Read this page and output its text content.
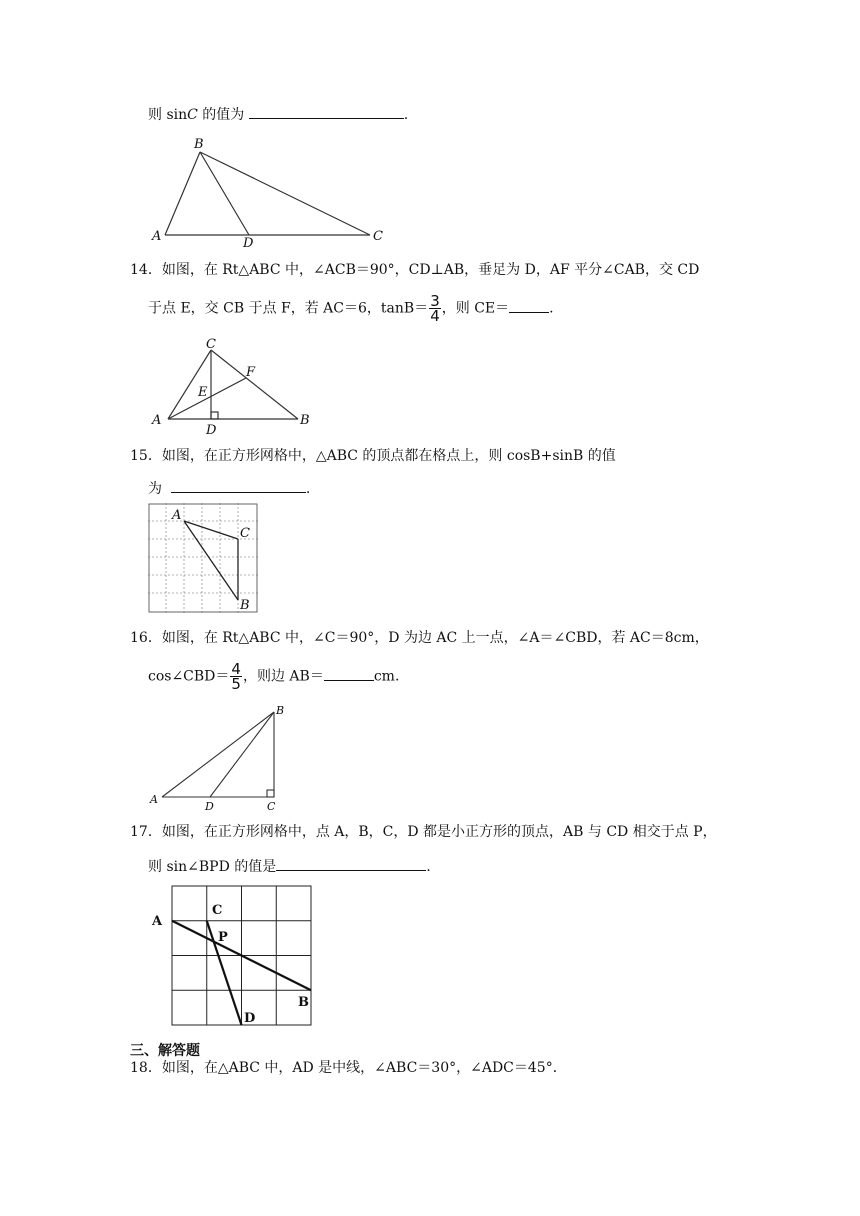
则 sinC 的值为	.
B
A	D	C
14．如图，在 Rt△ABC 中，∠ACB＝90°，CD⊥AB，垂足为 D，AF 平分∠CAB，交 CD
于点 E，交 CB 于点 F，若 AC＝6，$\tan B= \frac{3}{4}$ ，则 CE＝	.
C
F
E
A	B
D
15．如图，在正方形网格中，△ABC 的顶点都在格点上，则 cosB+sinB 的值
为	.
A
C
B
16．如图，在 Rt△ABC 中，∠C＝90°，D 为边 AC 上一点，∠A＝∠CBD，若 AC＝8cm，
cos∠CBD＝ $\frac{4}{5}$ ，则边 AB＝	cm.
B
A
D	C
17．如图，在正方形网格中，点 A，B，C，D 都是小正方形的顶点，AB 与 CD 相交于点 P，
则 sin∠BPD 的值是	.
A
C
P
B
D
三、解答题
18．如图，在△ABC 中，AD 是中线，∠ABC＝30°，∠ADC＝45°．
